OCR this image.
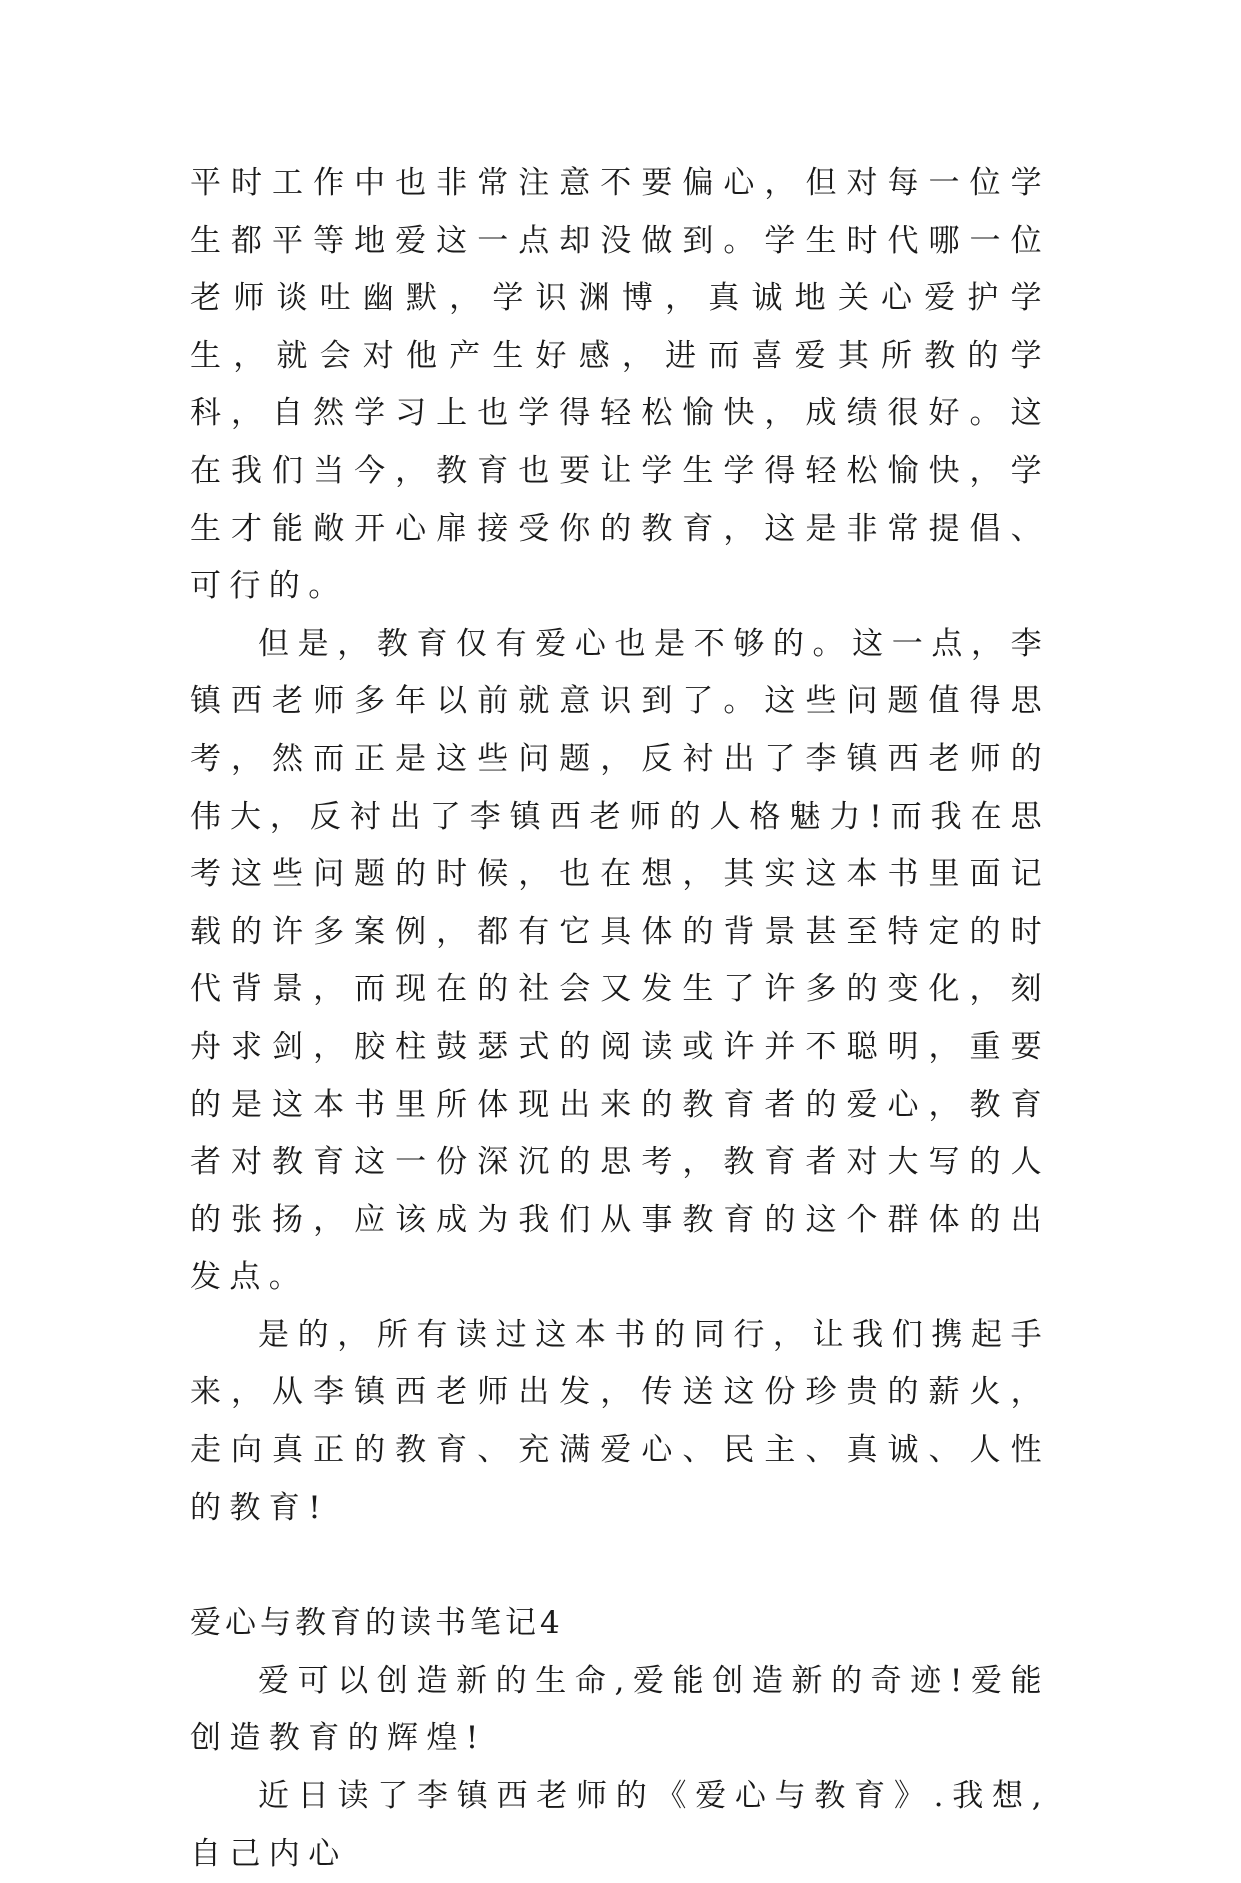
平时工作中也非常注意不要偏心，但对每一位学生都平等地爱这一点却没做到。学生时代哪一位老师谈吐幽默，学识渊博，真诚地关心爱护学生，就会对他产生好感，进而喜爱其所教的学科，自然学习上也学得轻松愉快，成绩很好。这在我们当今，教育也要让学生学得轻松愉快，学生才能敞开心扉接受你的教育，这是非常提倡、可行的。

但是，教育仅有爱心也是不够的。这一点，李镇西老师多年以前就意识到了。这些问题值得思考，然而正是这些问题，反衬出了李镇西老师的伟大，反衬出了李镇西老师的人格魅力!而我在思考这些问题的时候，也在想，其实这本书里面记载的许多案例，都有它具体的背景甚至特定的时代背景，而现在的社会又发生了许多的变化，刻舟求剑，胶柱鼓瑟式的阅读或许并不聪明，重要的是这本书里所体现出来的教育者的爱心，教育者对教育这一份深沉的思考，教育者对大写的人的张扬，应该成为我们从事教育的这个群体的出发点。

是的，所有读过这本书的同行，让我们携起手来，从李镇西老师出发，传送这份珍贵的薪火，走向真正的教育、充满爱心、民主、真诚、人性的教育!

爱心与教育的读书笔记4

爱可以创造新的生命,爱能创造新的奇迹!爱能创造教育的辉煌!

近日读了李镇西老师的《爱心与教育》.我想,自己内心
